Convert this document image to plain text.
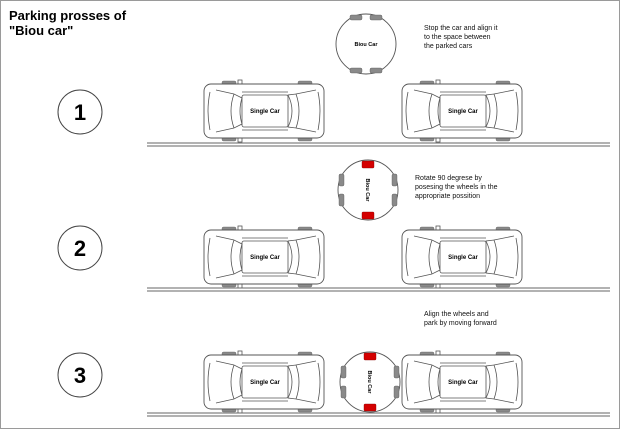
Parking prosses of
"Biou car"	Stop the car and align it
to the space between
the parked cars
Rotate 90 degrese by
posesing the wheels in the
appropriate possition
Align the wheels and
park by moving forward
1	Single Car	Single Car
Biou Car
2	Single Car	Single Car
Biou Car
3	Single Car	Single Car
Biou Car
